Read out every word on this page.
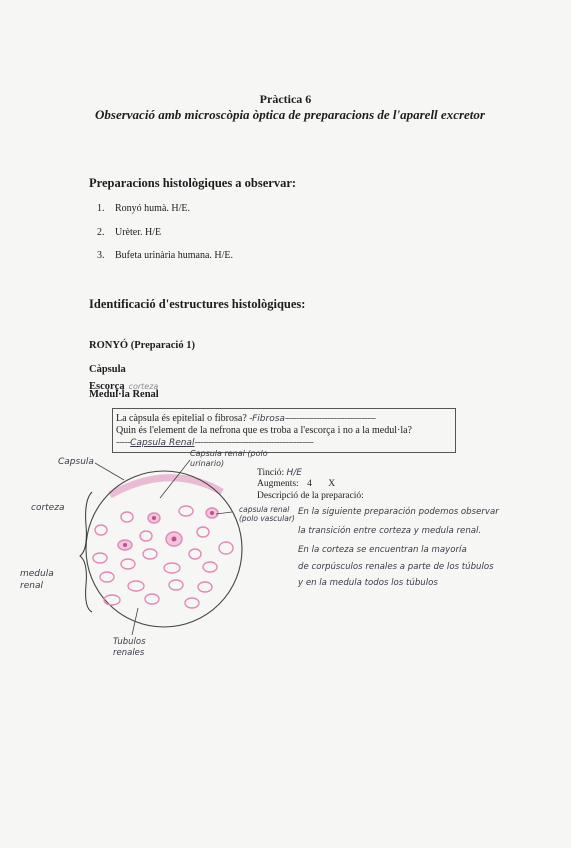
Pràctica 6
Observació amb microscòpia òptica de preparacions de l'aparell excretor
Preparacions histològiques a observar:
1. Ronyó humà. H/E.
2. Urèter. H/E
3. Bufeta urinària humana. H/E.
Identificació d'estructures histològiques:
RONYÓ (Preparació 1)
Càpsula
Escorça corteza
Medul·la Renal
La càpsula és epitelial o fibrosa? -Fibrosa--------------------------------
Quin és l'element de la nefrona que es troba a l'escorça i no a la medul·la?
-----Capsula Renal------------------------------------------
Capsula
Capsula renal (polo urinario)
corteza
medula renal
capsula renal (polo vascular)
Tubulos renales
Tinció: H/E
Augments: 4 X
Descripció de la preparació:
En la siguiente preparación podemos observar
la transición entre corteza y medula renal.
En la corteza se encuentran la mayoría
de corpúsculos renales a parte de los túbulos
y en la medula todos los túbulos
